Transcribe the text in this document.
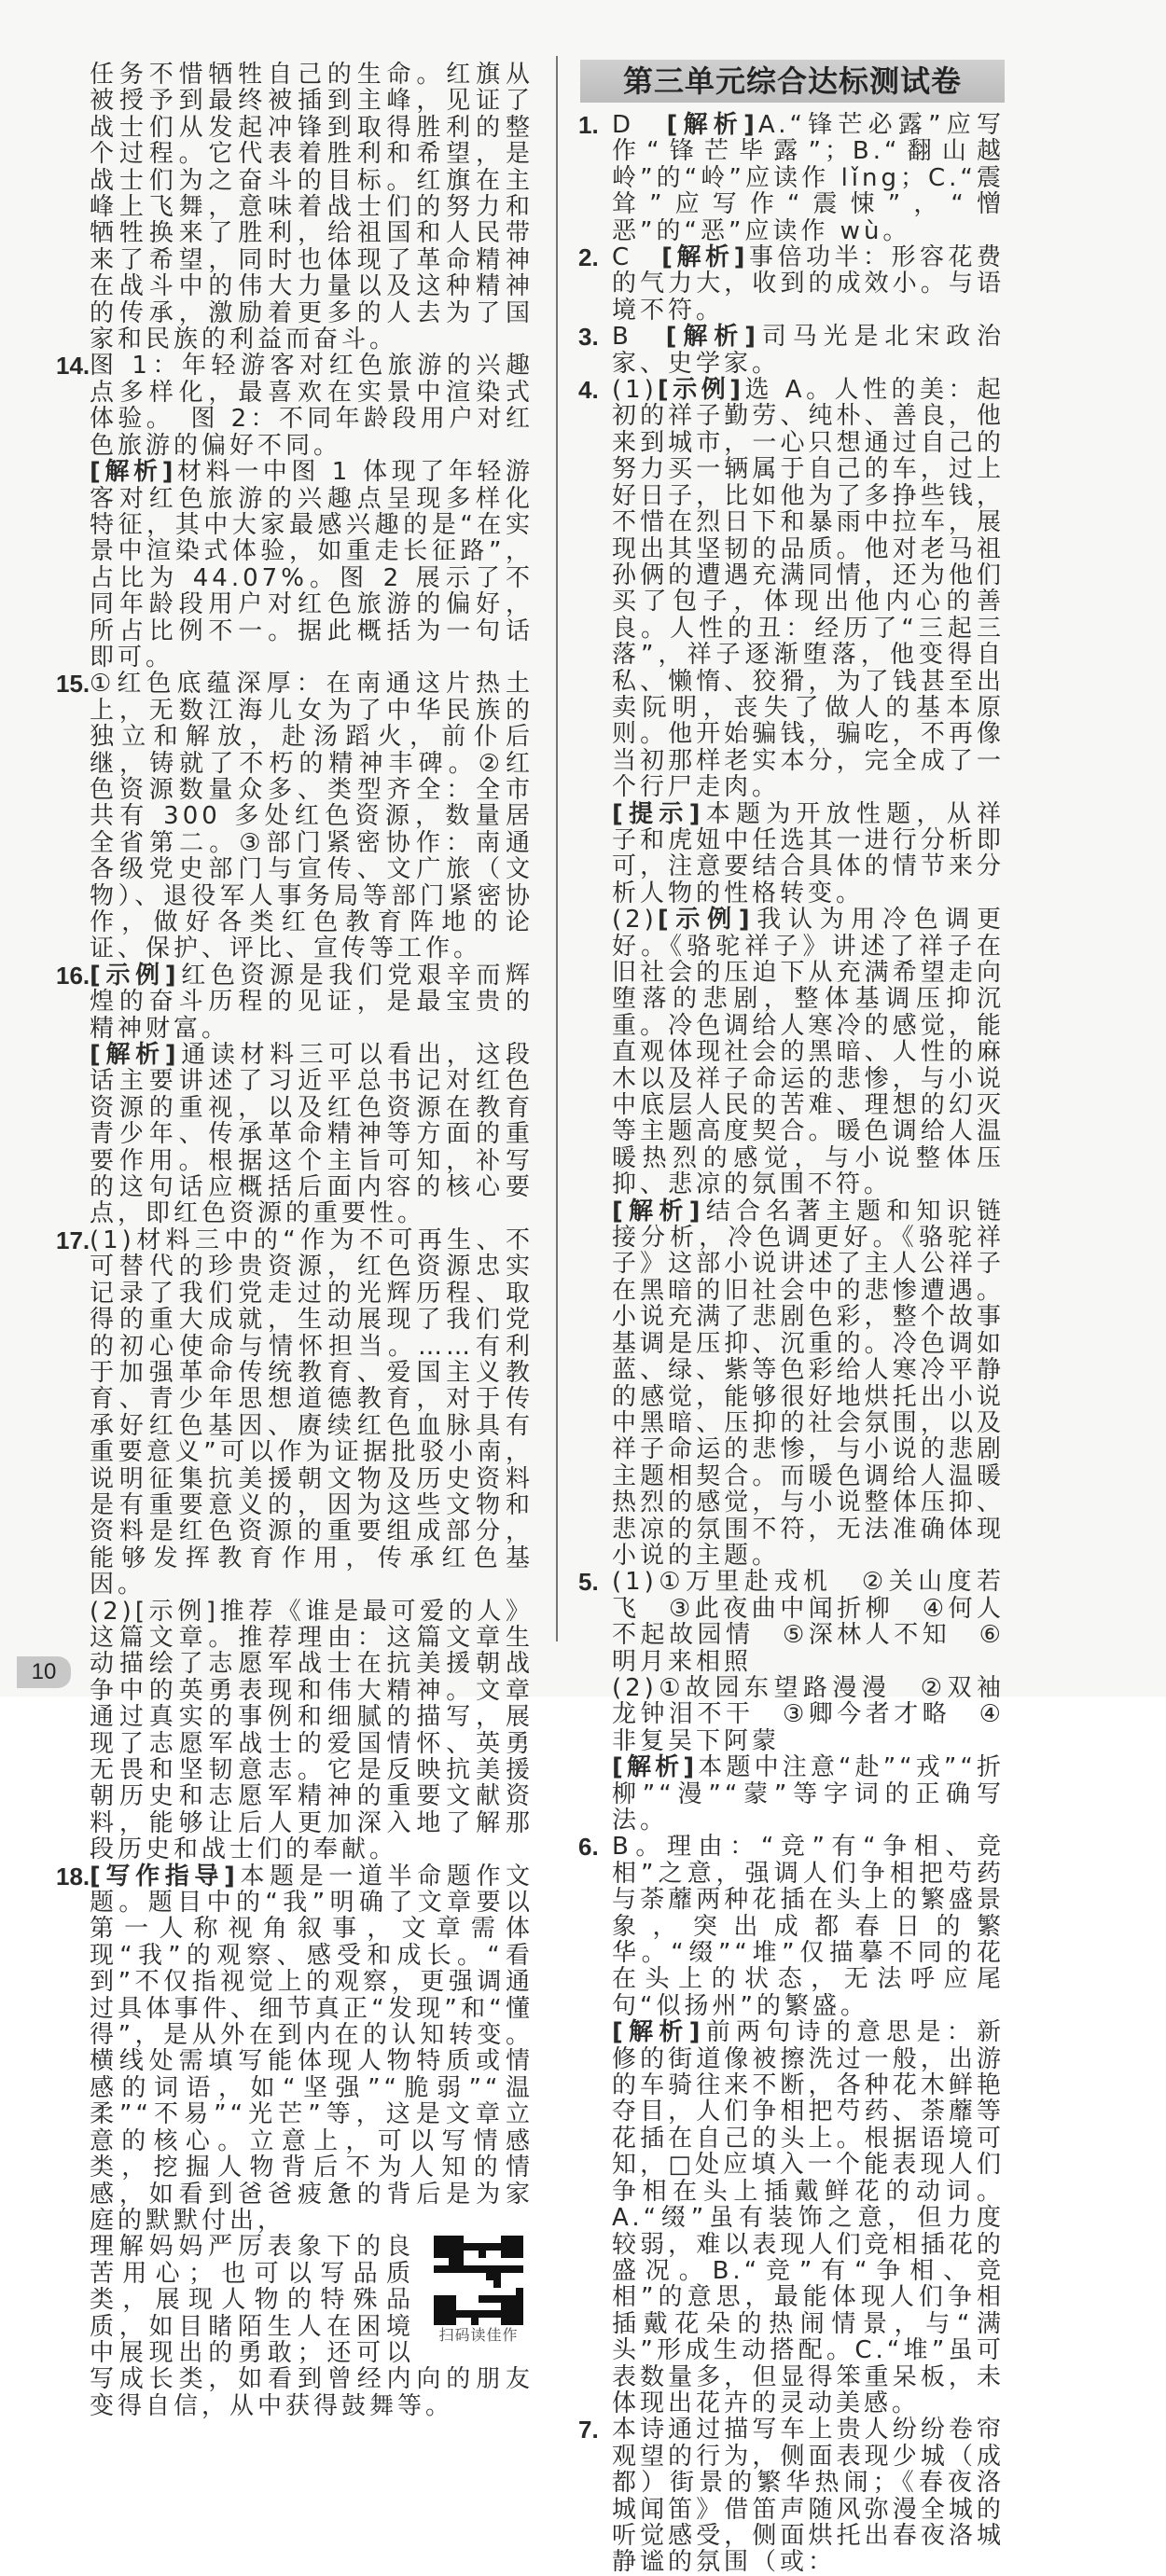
任务不惜牺牲自己的生命。红旗从被授予到最终被插到主峰，见证了战士们从发起冲锋到取得胜利的整个过程。它代表着胜利和希望，是战士们为之奋斗的目标。红旗在主峰上飞舞，意味着战士们的努力和牺牲换来了胜利，给祖国和人民带来了希望，同时也体现了革命精神在战斗中的伟大力量以及这种精神的传承，激励着更多的人去为了国家和民族的利益而奋斗。

14. 图 1：年轻游客对红色旅游的兴趣点多样化，最喜欢在实景中渲染式体验。　图 2：不同年龄段用户对红色旅游的偏好不同。

[解析]材料一中图 1 体现了年轻游客对红色旅游的兴趣点呈现多样化特征，其中大家最感兴趣的是“在实景中渲染式体验，如重走长征路”，占比为 44.07%。图 2 展示了不同年龄段用户对红色旅游的偏好，所占比例不一。据此概括为一句话即可。

15. ①红色底蕴深厚：在南通这片热土上，无数江海儿女为了中华民族的独立和解放，赴汤蹈火，前仆后继，铸就了不朽的精神丰碑。②红色资源数量众多、类型齐全：全市共有 300 多处红色资源，数量居全省第二。③部门紧密协作：南通各级党史部门与宣传、文广旅（文物）、退役军人事务局等部门紧密协作，做好各类红色教育阵地的论证、保护、评比、宣传等工作。

16. [示例]红色资源是我们党艰辛而辉煌的奋斗历程的见证，是最宝贵的精神财富。

[解析]通读材料三可以看出，这段话主要讲述了习近平总书记对红色资源的重视，以及红色资源在教育青少年、传承革命精神等方面的重要作用。根据这个主旨可知，补写的这句话应概括后面内容的核心要点，即红色资源的重要性。

17. (1)材料三中的“作为不可再生、不可替代的珍贵资源，红色资源忠实记录了我们党走过的光辉历程、取得的重大成就，生动展现了我们党的初心使命与情怀担当。……有利于加强革命传统教育、爱国主义教育、青少年思想道德教育，对于传承好红色基因、赓续红色血脉具有重要意义”可以作为证据批驳小南，说明征集抗美援朝文物及历史资料是有重要意义的，因为这些文物和资料是红色资源的重要组成部分，能够发挥教育作用，传承红色基因。

(2)[示例]推荐《谁是最可爱的人》这篇文章。推荐理由：这篇文章生动描绘了志愿军战士在抗美援朝战争中的英勇表现和伟大精神。文章通过真实的事例和细腻的描写，展现了志愿军战士的爱国情怀、英勇无畏和坚韧意志。它是反映抗美援朝历史和志愿军精神的重要文献资料，能够让后人更加深入地了解那段历史和战士们的奉献。

18. [写作指导]本题是一道半命题作文题。题目中的“我”明确了文章要以第一人称视角叙事，文章需体现“我”的观察、感受和成长。“看到”不仅指视觉上的观察，更强调通过具体事件、细节真正“发现”和“懂得”，是从外在到内在的认知转变。横线处需填写能体现人物特质或情感的词语，如“坚强”“脆弱”“温柔”“不易”“光芒”等，这是文章立意的核心。立意上，可以写情感类，挖掘人物背后不为人知的情感，如看到爸爸疲惫的背后是为家庭的默默付出，

扫码读佳作
理解妈妈严厉表象下的良苦用心；也可以写品质类，展现人物的特殊品质，如目睹陌生人在困境中展现出的勇敢；还可以写成长类，如看到曾经内向的朋友变得自信，从中获得鼓舞等。

第三单元综合达标测试卷
1. D　[解析]A.“锋芒必露”应写作“锋芒毕露”；B.“翻山越岭”的“岭”应读作 lǐng；C.“震耸”应写作“震悚”，“憎恶”的“恶”应读作 wù。

2. C　[解析]事倍功半：形容花费的气力大，收到的成效小。与语境不符。

3. B　[解析]司马光是北宋政治家、史学家。

4. (1)[示例]选 A。人性的美：起初的祥子勤劳、纯朴、善良，他来到城市，一心只想通过自己的努力买一辆属于自己的车，过上好日子，比如他为了多挣些钱，不惜在烈日下和暴雨中拉车，展现出其坚韧的品质。他对老马祖孙俩的遭遇充满同情，还为他们买了包子，体现出他内心的善良。人性的丑：经历了“三起三落”，祥子逐渐堕落，他变得自私、懒惰、狡猾，为了钱甚至出卖阮明，丧失了做人的基本原则。他开始骗钱，骗吃，不再像当初那样老实本分，完全成了一个行尸走肉。

[提示]本题为开放性题，从祥子和虎妞中任选其一进行分析即可，注意要结合具体的情节来分析人物的性格转变。

(2)[示例]我认为用冷色调更好。《骆驼祥子》讲述了祥子在旧社会的压迫下从充满希望走向堕落的悲剧，整体基调压抑沉重。冷色调给人寒冷的感觉，能直观体现社会的黑暗、人性的麻木以及祥子命运的悲惨，与小说中底层人民的苦难、理想的幻灭等主题高度契合。暖色调给人温暖热烈的感觉，与小说整体压抑、悲凉的氛围不符。

[解析]结合名著主题和知识链接分析，冷色调更好。《骆驼祥子》这部小说讲述了主人公祥子在黑暗的旧社会中的悲惨遭遇。小说充满了悲剧色彩，整个故事基调是压抑、沉重的。冷色调如蓝、绿、紫等色彩给人寒冷平静的感觉，能够很好地烘托出小说中黑暗、压抑的社会氛围，以及祥子命运的悲惨，与小说的悲剧主题相契合。而暖色调给人温暖热烈的感觉，与小说整体压抑、悲凉的氛围不符，无法准确体现小说的主题。

5. (1)①万里赴戎机　②关山度若飞　③此夜曲中闻折柳　④何人不起故园情　⑤深林人不知　⑥明月来相照

(2)①故园东望路漫漫　②双袖龙钟泪不干　③卿今者才略　④非复吴下阿蒙

[解析]本题中注意“赴”“戎”“折柳”“漫”“蒙”等字词的正确写法。

6. B。理由：“竞”有“争相、竞相”之意，强调人们争相把芍药与荼蘼两种花插在头上的繁盛景象，突出成都春日的繁华。“缀”“堆”仅描摹不同的花在头上的状态，无法呼应尾句“似扬州”的繁盛。

[解析]前两句诗的意思是：新修的街道像被擦洗过一般，出游的车骑往来不断，各种花木鲜艳夺目，人们争相把芍药、荼蘼等花插在自己的头上。根据语境可知，□处应填入一个能表现人们争相在头上插戴鲜花的动词。A.“缀”虽有装饰之意，但力度较弱，难以表现人们竞相插花的盛况。B.“竞”有“争相、竞相”的意思，最能体现人们争相插戴花朵的热闹情景，与“满头”形成生动搭配。C.“堆”虽可表数量多，但显得笨重呆板，未体现出花卉的灵动美感。

7. 本诗通过描写车上贵人纷纷卷帘观望的行为，侧面表现少城（成都）街景的繁华热闹；《春夜洛城闻笛》借笛声随风弥漫全城的听觉感受，侧面烘托出春夜洛城静谧的氛围（或：

10
